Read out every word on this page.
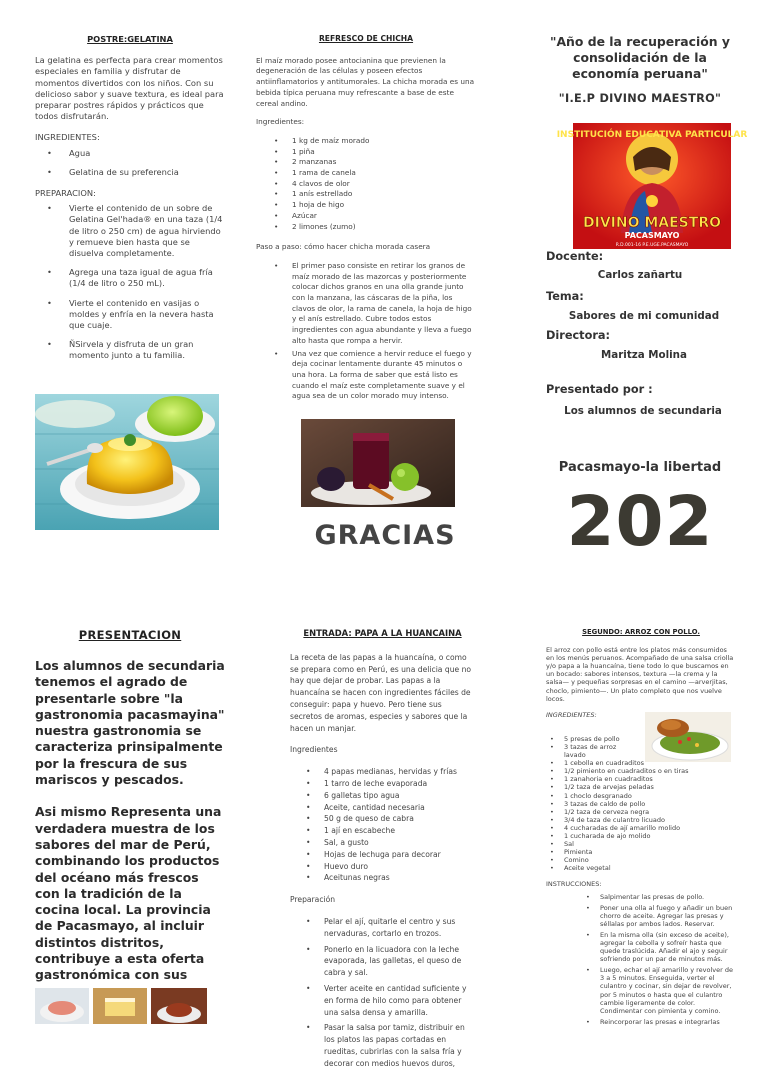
POSTRE:GELATINA

La gelatina es perfecta para crear momentos especiales en familia y disfrutar de momentos divertidos con los niños. Con su delicioso sabor y suave textura, es ideal para preparar postres rápidos y prácticos que todos disfrutarán.

INGREDIENTES:

• Agua
• Gelatina de su preferencia

PREPARACION:

• Vierte el contenido de un sobre de Gelatina Gel'hada® en una taza (1/4 de litro o 250 cm) de agua hirviendo y remueve bien hasta que se disuelva completamente.
• Agrega una taza igual de agua fría (1/4 de litro o 250 mL).
• Vierte el contenido en vasijas o moldes y enfría en la nevera hasta que cuaje.
• ÑSirvela y disfruta de un gran momento junto a tu familia.
REFRESCO DE CHICHA

El maíz morado posee antocianina que previenen la degeneración de las células y poseen efectos antiinflamatorios y antitumorales. La chicha morada es una bebida típica peruana muy refrescante a base de este cereal andino.

Ingredientes:

• 1 kg de maíz morado
• 1 piña
• 2 manzanas
• 1 rama de canela
• 4 clavos de olor
• 1 anís estrellado
• 1 hoja de higo
• Azúcar
• 2 limones (zumo)

Paso a paso: cómo hacer chicha morada casera

• El primer paso consiste en retirar los granos de maíz morado de las mazorcas y posteriormente colocar dichos granos en una olla grande junto con la manzana, las cáscaras de la piña, los clavos de olor, la rama de canela, la hoja de higo y el anís estrellado. Cubre todos estos ingredientes con agua abundante y lleva a fuego alto hasta que rompa a hervir.
• Una vez que comience a hervir reduce el fuego y deja cocinar lentamente durante 45 minutos o una hora. La forma de saber que está listo es cuando el maíz este completamente suave y el agua sea de un color morado muy intenso.
GRACIAS
"Año de la recuperación y consolidación de la economía peruana"
"I.E.P DIVINO MAESTRO"
INSTITUCIÓN EDUCATIVA PARTICULAR
DIVINO MAESTRO
PACASMAYO
R.D.001-16 P.E.UGE.PACASMAYO
Docente:
Carlos zañartu
Tema:
Sabores de mi comunidad
Directora:
Maritza Molina
Presentado por :
Los alumnos de secundaria
Pacasmayo-la libertad
202
PRESENTACION

Los alumnos de secundaria tenemos el agrado de presentarle sobre "la gastronomia pacasmayina" nuestra gastronomia se caracteriza prinsipalmente por la frescura de sus mariscos y pescados.

Asi mismo Representa una verdadera muestra de los sabores del mar de Perú, combinando los productos del océano más frescos con la tradición de la cocina local. La provincia de Pacasmayo, al incluir distintos distritos, contribuye a esta oferta gastronómica con sus

ENTRADA: PAPA A LA HUANCAINA

La receta de las papas a la huancaína, o como se prepara como en Perú, es una delicia que no hay que dejar de probar. Las papas a la huancaína se hacen con ingredientes fáciles de conseguir: papa y huevo. Pero tiene sus secretos de aromas, especies y sabores que la hacen un manjar.

Ingredientes

• 4 papas medianas, hervidas y frías
• 1 tarro de leche evaporada
• 6 galletas tipo agua
• Aceite, cantidad necesaria
• 50 g de queso de cabra
• 1 ají en escabeche
• Sal, a gusto
• Hojas de lechuga para decorar
• Huevo duro
• Aceitunas negras

Preparación

• Pelar el ají, quitarle el centro y sus nervaduras, cortarlo en trozos.
• Ponerlo en la licuadora con la leche evaporada, las galletas, el queso de cabra y sal.
• Verter aceite en cantidad suficiente y en forma de hilo como para obtener una salsa densa y amarilla.
• Pasar la salsa por tamiz, distribuir en los platos las papas cortadas en rueditas, cubrirlas con la salsa fría y decorar con medios huevos duros,
SEGUNDO: ARROZ CON POLLO.

El arroz con pollo está entre los platos más consumidos en los menús peruanos. Acompañado de una salsa criolla y/o papa a la huancaína, tiene todo lo que buscamos en un bocado: sabores intensos, textura —la crema y la salsa— y pequeñas sorpresas en el camino —arverjitas, choclo, pimiento—. Un plato completo que nos vuelve locos.

INGREDIENTES:

• 5 presas de pollo
• 3 tazas de arroz lavado
• 1 cebolla en cuadraditos
• 1/2 pimiento en cuadraditos o en tiras
• 1 zanahoria en cuadraditos
• 1/2 taza de arvejas peladas
• 1 choclo desgranado
• 3 tazas de caldo de pollo
• 1/2 taza de cerveza negra
• 3/4 de taza de culantro licuado
• 4 cucharadas de ají amarillo molido
• 1 cucharada de ajo molido
• Sal
• Pimienta
• Comino
• Aceite vegetal

INSTRUCCIONES:

• Salpimentar las presas de pollo.
• Poner una olla al fuego y añadir un buen chorro de aceite. Agregar las presas y séllalas por ambos lados. Reservar.
• En la misma olla (sin exceso de aceite), agregar la cebolla y sofreír hasta que quede traslúcida. Añadir el ajo y seguir sofriendo por un par de minutos más.
• Luego, echar el ají amarillo y revolver de 3 a 5 minutos. Enseguida, verter el culantro y cocinar, sin dejar de revolver, por 5 minutos o hasta que el culantro cambie ligeramente de color. Condimentar con pimienta y comino.
• Reincorporar las presas e integrarlas
